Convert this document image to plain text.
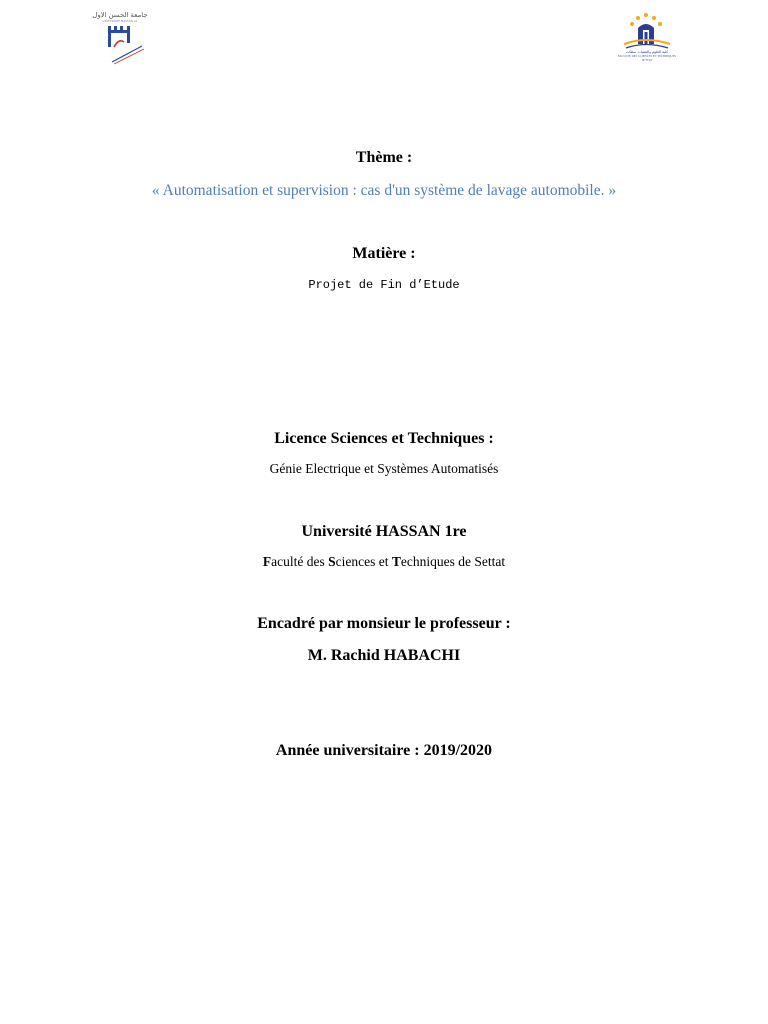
جامعة الحسن الأول
UNIVERSITÉ HASSAN 1er
كلية العلوم والتقنيات سطات
FACULTÉ DES SCIENCES ET TECHNIQUES SETTAT
Thème :
« Automatisation et supervision : cas d'un système de lavage automobile. »
Matière :
Projet de Fin d’Etude
Licence Sciences et Techniques :
Génie Electrique et Systèmes Automatisés
Université HASSAN 1re
Faculté des Sciences et Techniques de Settat
Encadré par monsieur le professeur :
M. Rachid HABACHI
Année universitaire : 2019/2020
